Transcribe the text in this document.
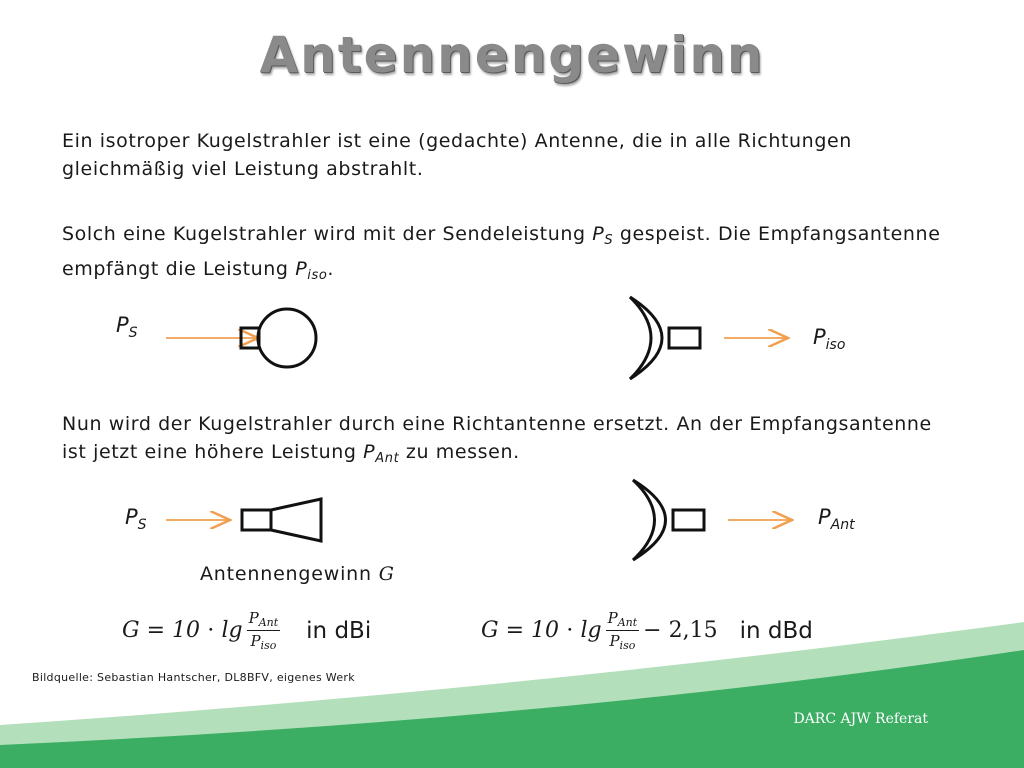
Antennengewinn
Ein isotroper Kugelstrahler ist eine (gedachte) Antenne, die in alle Richtungen gleichmäßig viel Leistung abstrahlt.
Solch eine Kugelstrahler wird mit der Sendeleistung $P_S$ gespeist. Die Empfangsantenne empfängt die Leistung $P_{iso}$.
Nun wird der Kugelstrahler durch eine Richtantenne ersetzt. An der Empfangsantenne ist jetzt eine höhere Leistung $P_{Ant}$ zu messen.
$P_S$	$P_{iso}$
$P_S$	$P_{Ant}$
Antennengewinn G
$G = 10 \cdot \lg \frac{P_{Ant}}{P_{iso}}$ in dBi	$G = 10 \cdot \lg \frac{P_{Ant}}{P_{iso}} - 2,15$ in dBd
Bildquelle: Sebastian Hantscher, DL8BFV, eigenes Werk
DARC AJW Referat
